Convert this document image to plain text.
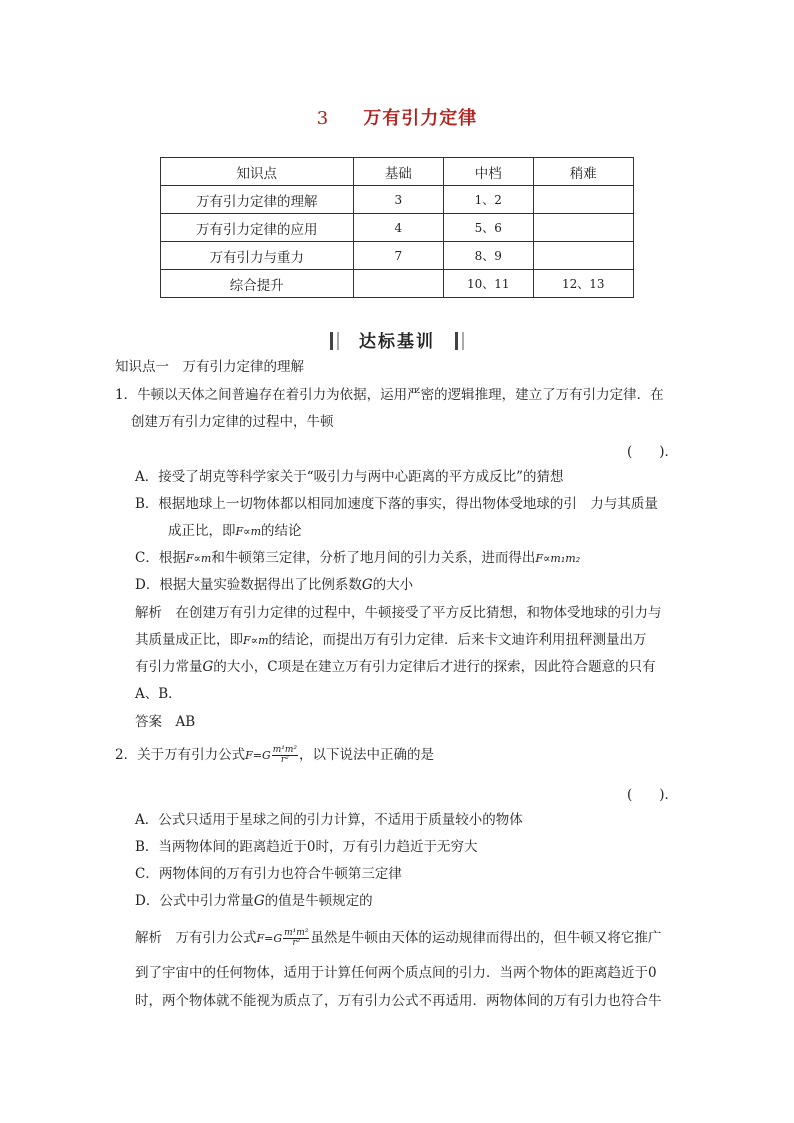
3 万有引力定律
知识点	基础	中档	稍难
万有引力定律的理解	3	1、2	
万有引力定律的应用	4	5、6	
万有引力与重力	7	8、9	
综合提升		10、11	12、13
达标基训
知识点一　万有引力定律的理解
1．牛顿以天体之间普遍存在着引力为依据，运用严密的逻辑推理，建立了万有引力定律．在
创建万有引力定律的过程中，牛顿
(　　)．
A．接受了胡克等科学家关于“吸引力与两中心距离的平方成反比”的猜想
B．根据地球上一切物体都以相同加速度下落的事实，得出物体受地球的引　力与其质量
成正比，即F∝m的结论
C．根据F∝m和牛顿第三定律，分析了地月间的引力关系，进而得出F∝m₁m₂
D．根据大量实验数据得出了比例系数G的大小
解析　在创建万有引力定律的过程中，牛顿接受了平方反比猜想，和物体受地球的引力与
其质量成正比，即F∝m的结论，而提出万有引力定律．后来卡文迪许利用扭秤测量出万
有引力常量G的大小，C项是在建立万有引力定律后才进行的探索，因此符合题意的只有
A、B．
答案　AB
2．关于万有引力公式$F=G \frac{\text{m¹m²}}{\text{r²}}$ ，以下说法中正确的是
(　　)．
A．公式只适用于星球之间的引力计算，不适用于质量较小的物体
B．当两物体间的距离趋近于0时，万有引力趋近于无穷大
C．两物体间的万有引力也符合牛顿第三定律
D．公式中引力常量G的值是牛顿规定的
解析　万有引力公式$F=G \frac{\text{m¹m²}}{\text{r²}}$ 虽然是牛顿由天体的运动规律而得出的，但牛顿又将它推广
到了宇宙中的任何物体，适用于计算任何两个质点间的引力．当两个物体的距离趋近于0
时，两个物体就不能视为质点了，万有引力公式不再适用．两物体间的万有引力也符合牛
